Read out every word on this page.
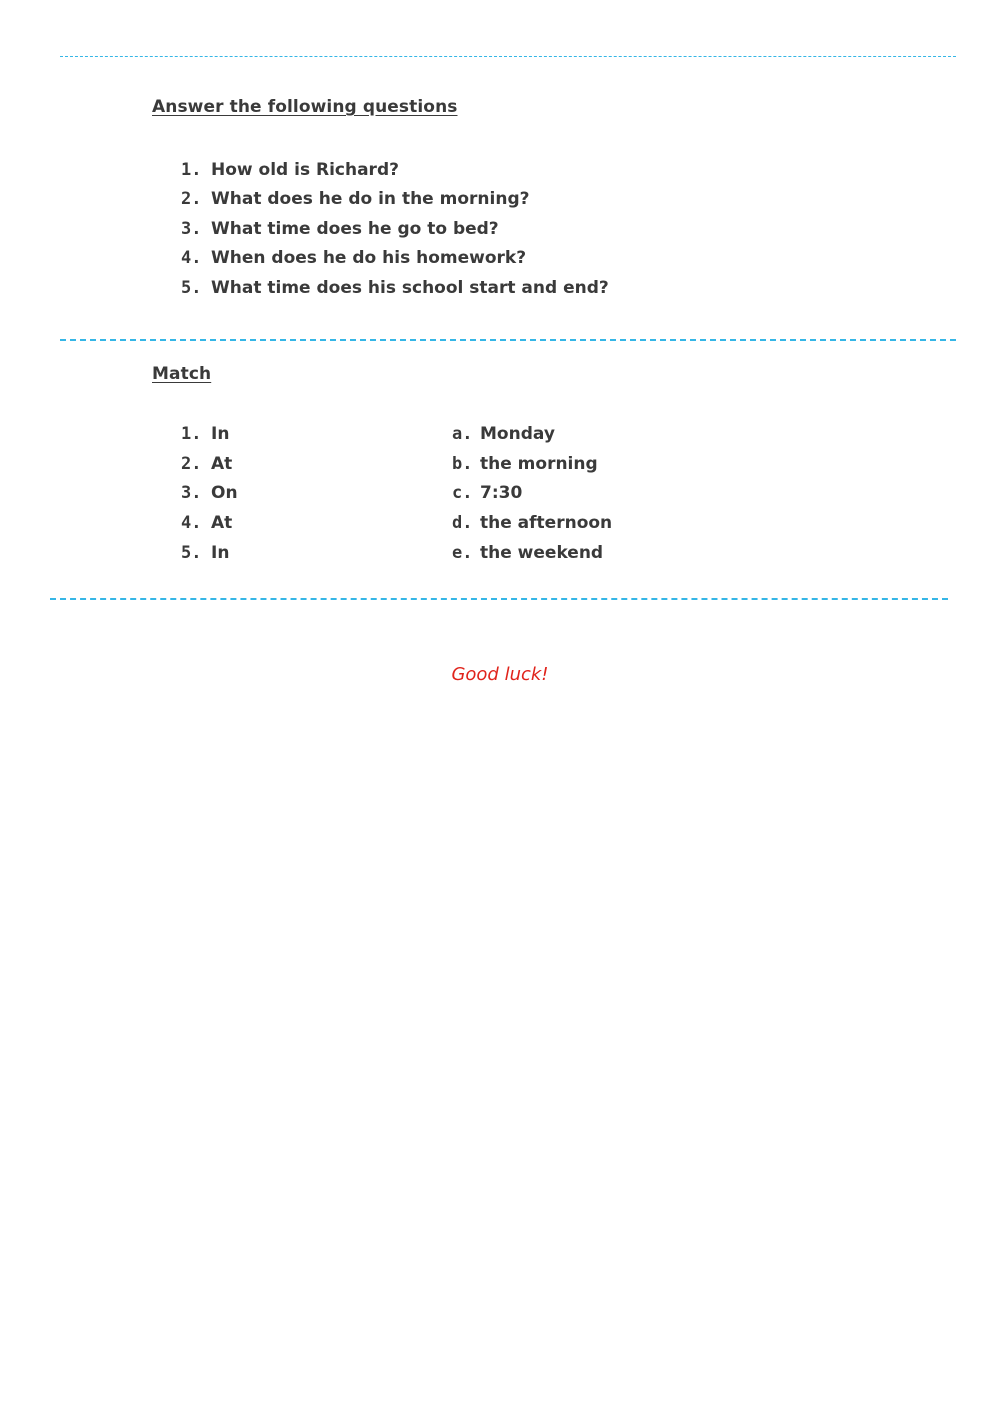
Answer the following questions
1. How old is Richard?
2. What does he do in the morning?
3. What time does he go to bed?
4. When does he do his homework?
5. What time does his school start and end?
Match
1. In
2. At
3. On
4. At
5. In
a. Monday
b. the morning
c. 7:30
d. the afternoon
e. the weekend
Good luck!
